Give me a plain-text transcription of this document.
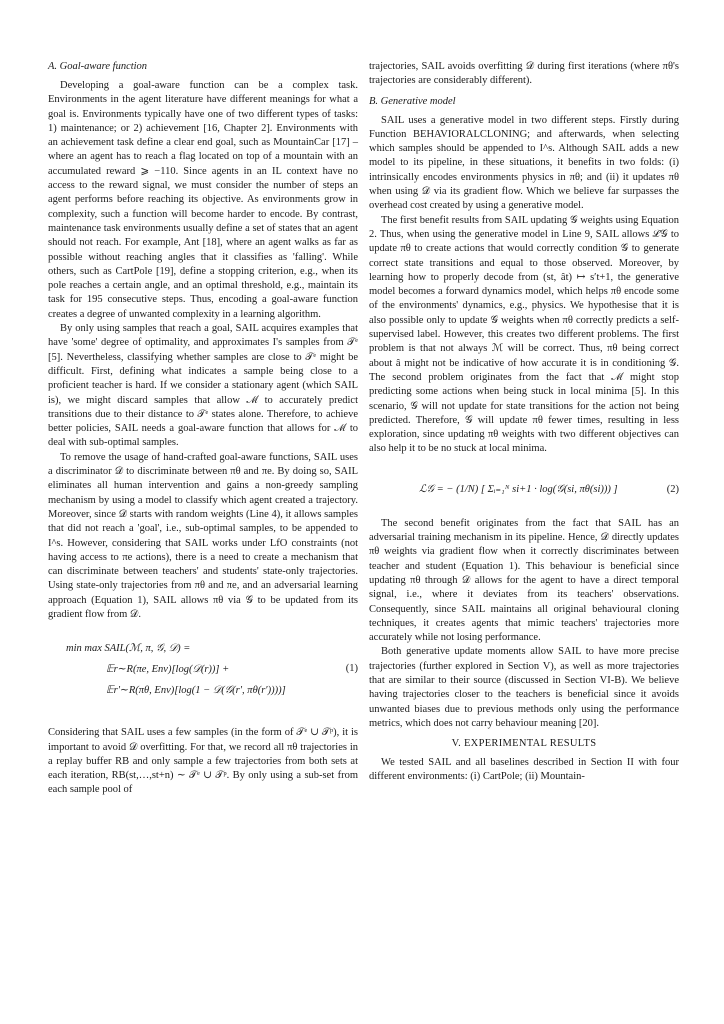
A. Goal-aware function

Developing a goal-aware function can be a complex task. Environments in the agent literature have different meanings for what a goal is. Environments typically have one of two different types of tasks: 1) maintenance; or 2) achievement [16, Chapter 2]. Environments with an achievement task define a clear end goal, such as MountainCar [17] – where an agent has to reach a flag located on top of a mountain with an accumulated reward ⩾ −110. Since agents in an IL context have no access to the reward signal, we must consider the number of steps an agent performs before reaching its objective. As environments grow in complexity, such a function will become harder to encode. By contrast, maintenance task environments usually define a set of states that an agent should not reach. For example, Ant [18], where an agent walks as far as possible without reaching angles that it classifies as 'falling'. While others, such as CartPole [19], define a stopping criterion, e.g., when its pole reaches a certain angle, and an optimal threshold, e.g., maintain its task for 195 consecutive steps. Thus, encoding a goal-aware function creates a degree of unwanted complexity in a learning algorithm.

By only using samples that reach a goal, SAIL acquires examples that have 'some' degree of optimality, and approximates I's samples from 𝒯ᵉ [5]. Nevertheless, classifying whether samples are close to 𝒯ᵉ might be difficult. First, defining what indicates a sample being close to a proficient teacher is hard. If we consider a stationary agent (which SAIL is), we might discard samples that allow ℳ to accurately predict transitions due to their distance to 𝒯ᵉ states alone. Therefore, to achieve better policies, SAIL needs a goal-aware function that allows for ℳ to deal with sub-optimal samples.

To remove the usage of hand-crafted goal-aware functions, SAIL uses a discriminator 𝒟 to discriminate between πθ and πe. By doing so, SAIL eliminates all human intervention and gains a non-greedy sampling mechanism by using a model to classify which agent created a trajectory. Moreover, since 𝒟 starts with random weights (Line 4), it allows samples that did not reach a 'goal', i.e., sub-optimal samples, to be appended to I^s. However, considering that SAIL works under LfO constraints (not having access to πe actions), there is a need to create a mechanism that can discriminate between teachers' and students' state-only trajectories. Using state-only trajectories from πθ and πe, and an adversarial learning approach (Equation 1), SAIL allows πθ via 𝒢 to be updated from its gradient flow from 𝒟.

min max SAIL(ℳ, π, 𝒢, 𝒟) =
𝔼r∼R(πe, Env)[log(𝒟(r))] +
𝔼r′∼R(πθ, Env)[log(1 − 𝒟(𝒢(r′, πθ(r′))))]
(1)

Considering that SAIL uses a few samples (in the form of 𝒯ᵉ ∪ 𝒯ᵖ), it is important to avoid 𝒟 overfitting. For that, we record all πθ trajectories in a replay buffer RB and only sample a few trajectories from both sets at each iteration, RB(st,…,st+n) ∼ 𝒯ᵉ ∪ 𝒯ᵖ. By only using a sub-set from each sample pool of

trajectories, SAIL avoids overfitting 𝒟 during first iterations (where πθ's trajectories are considerably different).

B. Generative model

SAIL uses a generative model in two different steps. Firstly during Function BEHAVIORALCLONING; and afterwards, when selecting which samples should be appended to I^s. Although SAIL adds a new model to its pipeline, in these situations, it benefits in two folds: (i) intrinsically encodes environments physics in πθ; and (ii) it updates πθ when using 𝒟 via its gradient flow. Which we believe far surpasses the overhead cost created by using a generative model.

The first benefit results from SAIL updating 𝒢 weights using Equation 2. Thus, when using the generative model in Line 9, SAIL allows ℒ𝒢 to update πθ to create actions that would correctly condition 𝒢 to generate correct state transitions and equal to those observed. Moreover, by learning how to properly decode from (st, ât) ↦ s′t+1, the generative model becomes a forward dynamics model, which helps πθ encode some of the environments' dynamics, e.g., physics. We hypothesise that it is also possible only to update 𝒢 weights when πθ correctly predicts a self-supervised label. However, this creates two different problems. The first problem is that not always ℳ will be correct. Thus, πθ being correct about â might not be indicative of how accurate it is in conditioning 𝒢. The second problem originates from the fact that ℳ might stop predicting some actions when being stuck in local minima [5]. In this scenario, 𝒢 will not update for state transitions for the action not being predicted. Therefore, 𝒢 will update πθ fewer times, resulting in less exploration, since updating πθ weights with two different objectives can also help it to be no stuck at local minima.

ℒ𝒢 = − (1/N) [ Σᵢ₌₁ᴺ si+1 · log(𝒢(si, πθ(si))) ]	(2)

The second benefit originates from the fact that SAIL has an adversarial training mechanism in its pipeline. Hence, 𝒟 directly updates πθ weights via gradient flow when it correctly discriminates between teacher and student (Equation 1). This behaviour is beneficial since updating πθ through 𝒟 allows for the agent to have a direct temporal signal, i.e., where it deviates from its teachers' observations. Consequently, since SAIL maintains all original behavioural cloning techniques, it creates agents that mimic teachers' trajectories more accurately while not losing performance.

Both generative update moments allow SAIL to have more precise trajectories (further explored in Section V), as well as more trajectories that are similar to their source (discussed in Section VI-B). We believe having trajectories closer to the teachers is beneficial since it avoids unwanted biases due to previous methods only using the performance metrics, which does not carry behaviour meaning [20].

V. EXPERIMENTAL RESULTS

We tested SAIL and all baselines described in Section II with four different environments: (i) CartPole; (ii) Mountain-
